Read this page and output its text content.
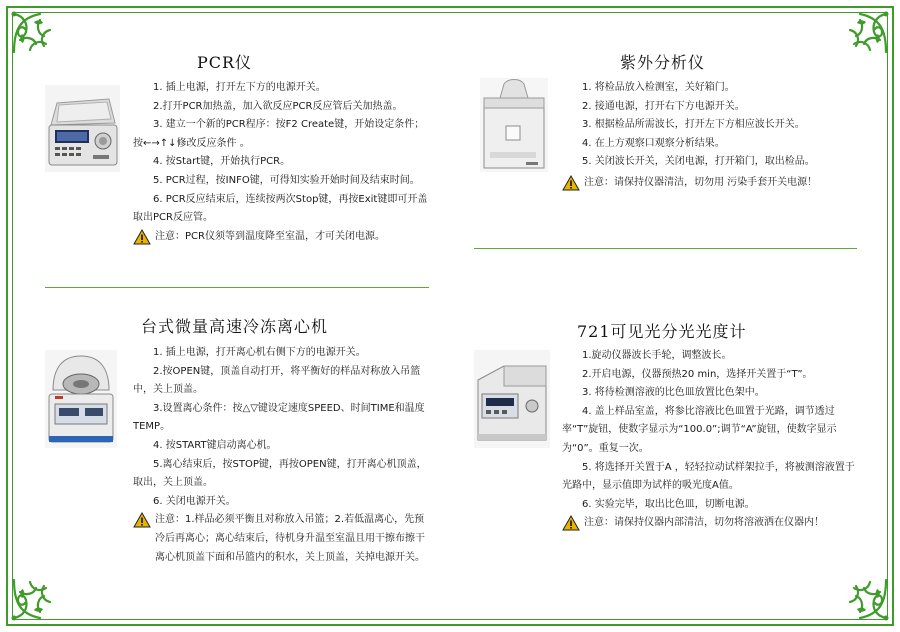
PCR仪
1. 插上电源，打开左下方的电源开关。
2.打开PCR加热盖，加入欲反应PCR反应管后关加热盖。
3. 建立一个新的PCR程序：按F2 Create键，开始设定条件；按←→↑↓修改反应条件 。
4. 按Start键，开始执行PCR。
5. PCR过程，按INFO键，可得知实验开始时间及结束时间。
6. PCR反应结束后，连续按两次Stop键，再按Exit键即可开盖取出PCR反应管。
注意：PCR仪须等到温度降至室温，才可关闭电源。
紫外分析仪
1. 将检品放入检测室，关好箱门。
2. 接通电源，打开右下方电源开关。
3. 根据检品所需波长，打开左下方相应波长开关。
4. 在上方观察口观察分析结果。
5. 关闭波长开关，关闭电源，打开箱门，取出检品。
注意：请保持仪器清洁，切勿用 污染手套开关电源！
台式微量高速冷冻离心机
1. 插上电源，打开离心机右侧下方的电源开关。
2.按OPEN键，顶盖自动打开，将平衡好的样品对称放入吊篮中，关上顶盖。
3.设置离心条件：按△▽键设定速度SPEED、时间TIME和温度TEMP。
4. 按START键启动离心机。
5.离心结束后，按STOP键，再按OPEN键，打开离心机顶盖，取出，关上顶盖。
6. 关闭电源开关。
注意：1.样品必须平衡且对称放入吊篮；2.若低温离心，先预冷后再离心；离心结束后，待机身升温至室温且用干擦布擦干离心机顶盖下面和吊篮内的积水，关上顶盖，关掉电源开关。
721可见光分光光度计
1.旋动仪器波长手轮，调整波长。
2.开启电源，仪器预热20 min，选择开关置于“T”。
3. 将待检测溶液的比色皿放置比色架中。
4. 盖上样品室盖，将参比溶液比色皿置于光路，调节透过率“T”旋钮，使数字显示为“100.0”;调节“A”旋钮，使数字显示为“0”。重复一次。
5. 将选择开关置于A ，轻轻拉动试样架拉手，将被测溶液置于光路中，显示值即为试样的吸光度A值。
6. 实验完毕，取出比色皿，切断电源。
注意：请保持仪器内部清洁，切勿将溶液洒在仪器内！
